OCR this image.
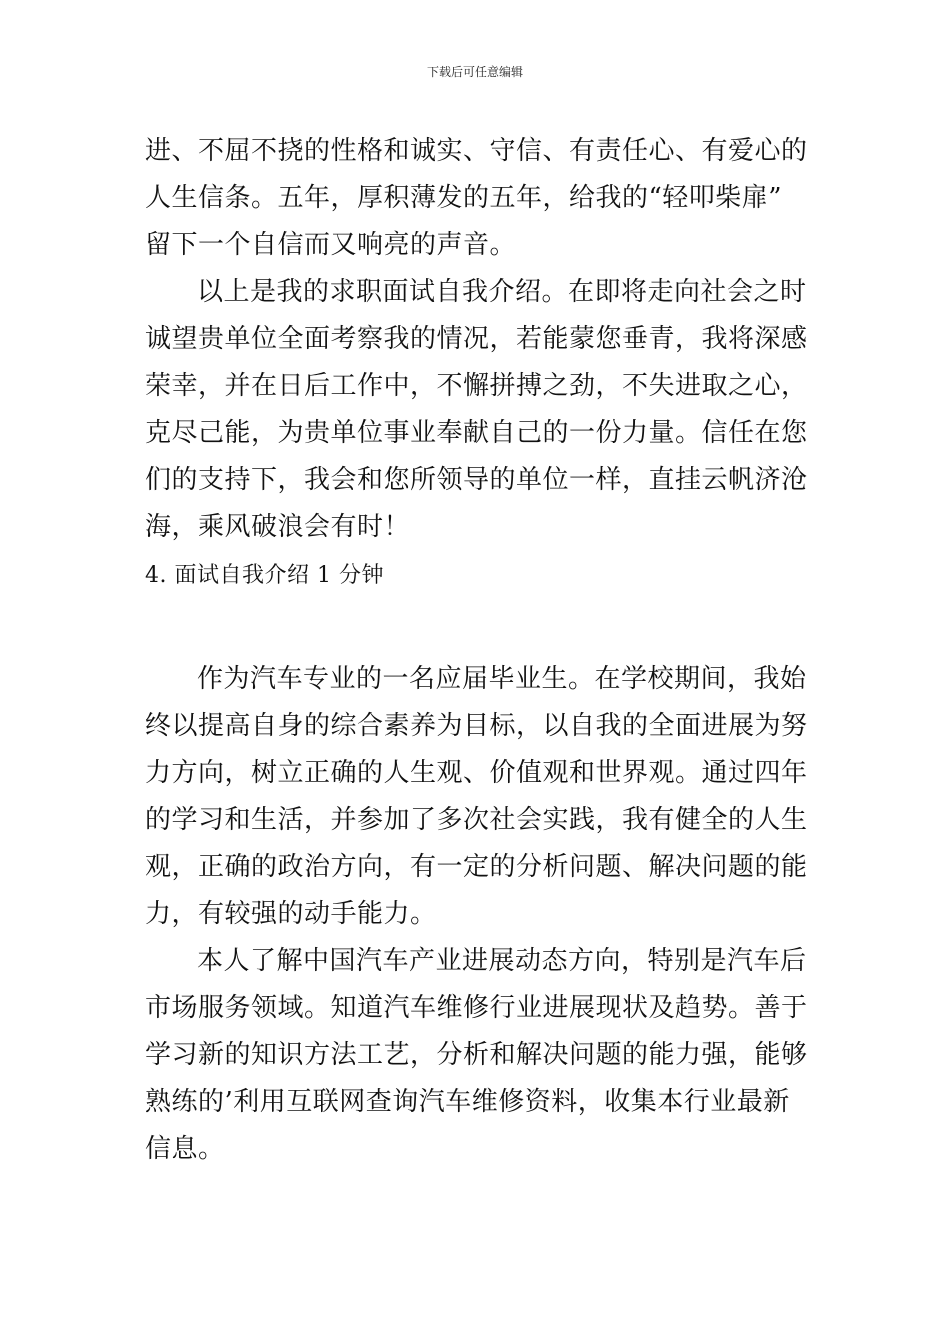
下载后可任意编辑
进、不屈不挠的性格和诚实、守信、有责任心、有爱心的
人生信条。五年，厚积薄发的五年，给我的“轻叩柴扉”
留下一个自信而又响亮的声音。
以上是我的求职面试自我介绍。在即将走向社会之时
诚望贵单位全面考察我的情况，若能蒙您垂青，我将深感
荣幸，并在日后工作中，不懈拼搏之劲，不失进取之心，
克尽己能，为贵单位事业奉献自己的一份力量。信任在您
们的支持下，我会和您所领导的单位一样，直挂云帆济沧
海，乘风破浪会有时！
4. 面试自我介绍 1 分钟
作为汽车专业的一名应届毕业生。在学校期间，我始
终以提高自身的综合素养为目标，以自我的全面进展为努
力方向，树立正确的人生观、价值观和世界观。通过四年
的学习和生活，并参加了多次社会实践，我有健全的人生
观，正确的政治方向，有一定的分析问题、解决问题的能
力，有较强的动手能力。
本人了解中国汽车产业进展动态方向，特别是汽车后
市场服务领域。知道汽车维修行业进展现状及趋势。善于
学习新的知识方法工艺，分析和解决问题的能力强，能够
熟练的’利用互联网查询汽车维修资料，收集本行业最新
信息。
